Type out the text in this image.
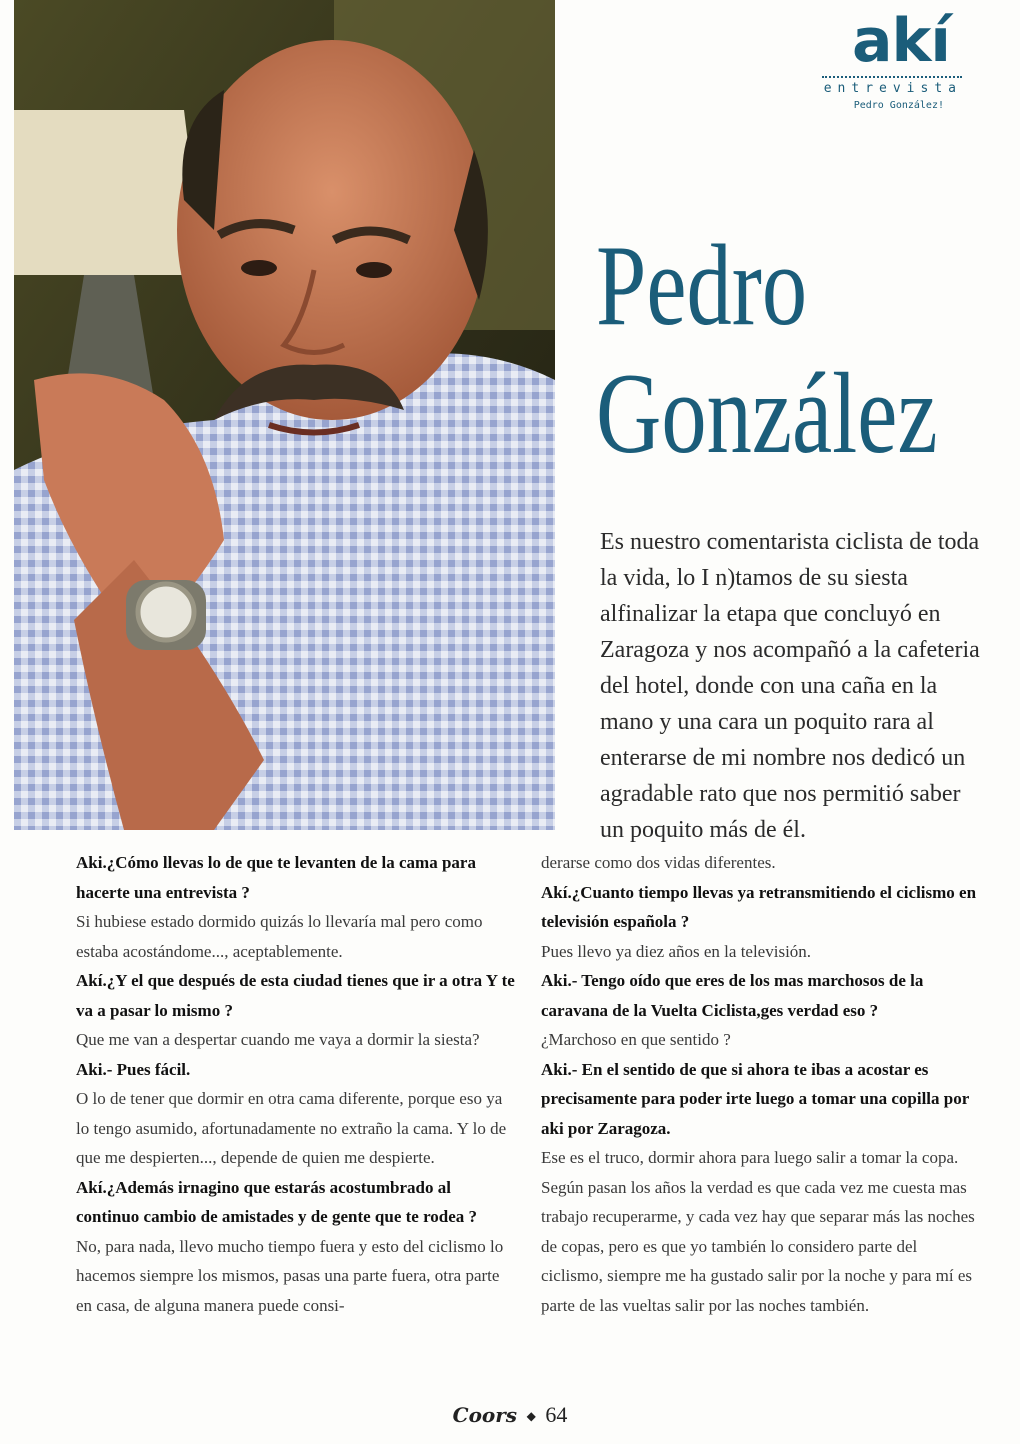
akí
entrevista
Pedro González!
Pedro
González

Es nuestro comentarista ciclista de toda la vida, lo I n)tamos de su siesta alfinalizar la etapa que concluyó en Zaragoza y nos acompañó a la cafeteria del hotel, donde con una caña en la mano y una cara un poquito rara al enterarse de mi nombre nos dedicó un agradable rato que nos permitió saber un poquito más de él.

Aki.¿Cómo llevas lo de que te levanten de la cama para hacerte una entrevista ?

Si hubiese estado dormido quizás lo llevaría mal pero como estaba acostándome..., aceptablemente.

Akí.¿Y el que después de esta ciudad tienes que ir a otra Y te va a pasar lo mismo ?

Que me van a despertar cuando me vaya a dormir la siesta?

Aki.- Pues fácil.

O lo de tener que dormir en otra cama diferente, porque eso ya lo tengo asumido, afortunadamente no extraño la cama. Y lo de que me despierten..., depende de quien me despierte.

Akí.¿Además irnagino que estarás acostumbrado al continuo cambio de amistades y de gente que te rodea ?

No, para nada, llevo mucho tiempo fuera y esto del ciclismo lo hacemos siempre los mismos, pasas una parte fuera, otra parte en casa, de alguna manera puede consi-

derarse como dos vidas diferentes.

Akí.¿Cuanto tiempo llevas ya retransmitiendo el ciclismo en televisión española ?

Pues llevo ya diez años en la televisión.

Aki.- Tengo oído que eres de los mas marchosos de la caravana de la Vuelta Ciclista,ges verdad eso ?

¿Marchoso en que sentido ?

Aki.- En el sentido de que si ahora te ibas a acostar es precisamente para poder irte luego a tomar una copilla por aki por Zaragoza.

Ese es el truco, dormir ahora para luego salir a tomar la copa. Según pasan los años la verdad es que cada vez me cuesta mas trabajo recuperarme, y cada vez hay que separar más las noches de copas, pero es que yo también lo considero parte del ciclismo, siempre me ha gustado salir por la noche y para mí es parte de las vueltas salir por las noches también.

Coors ◆ 64
